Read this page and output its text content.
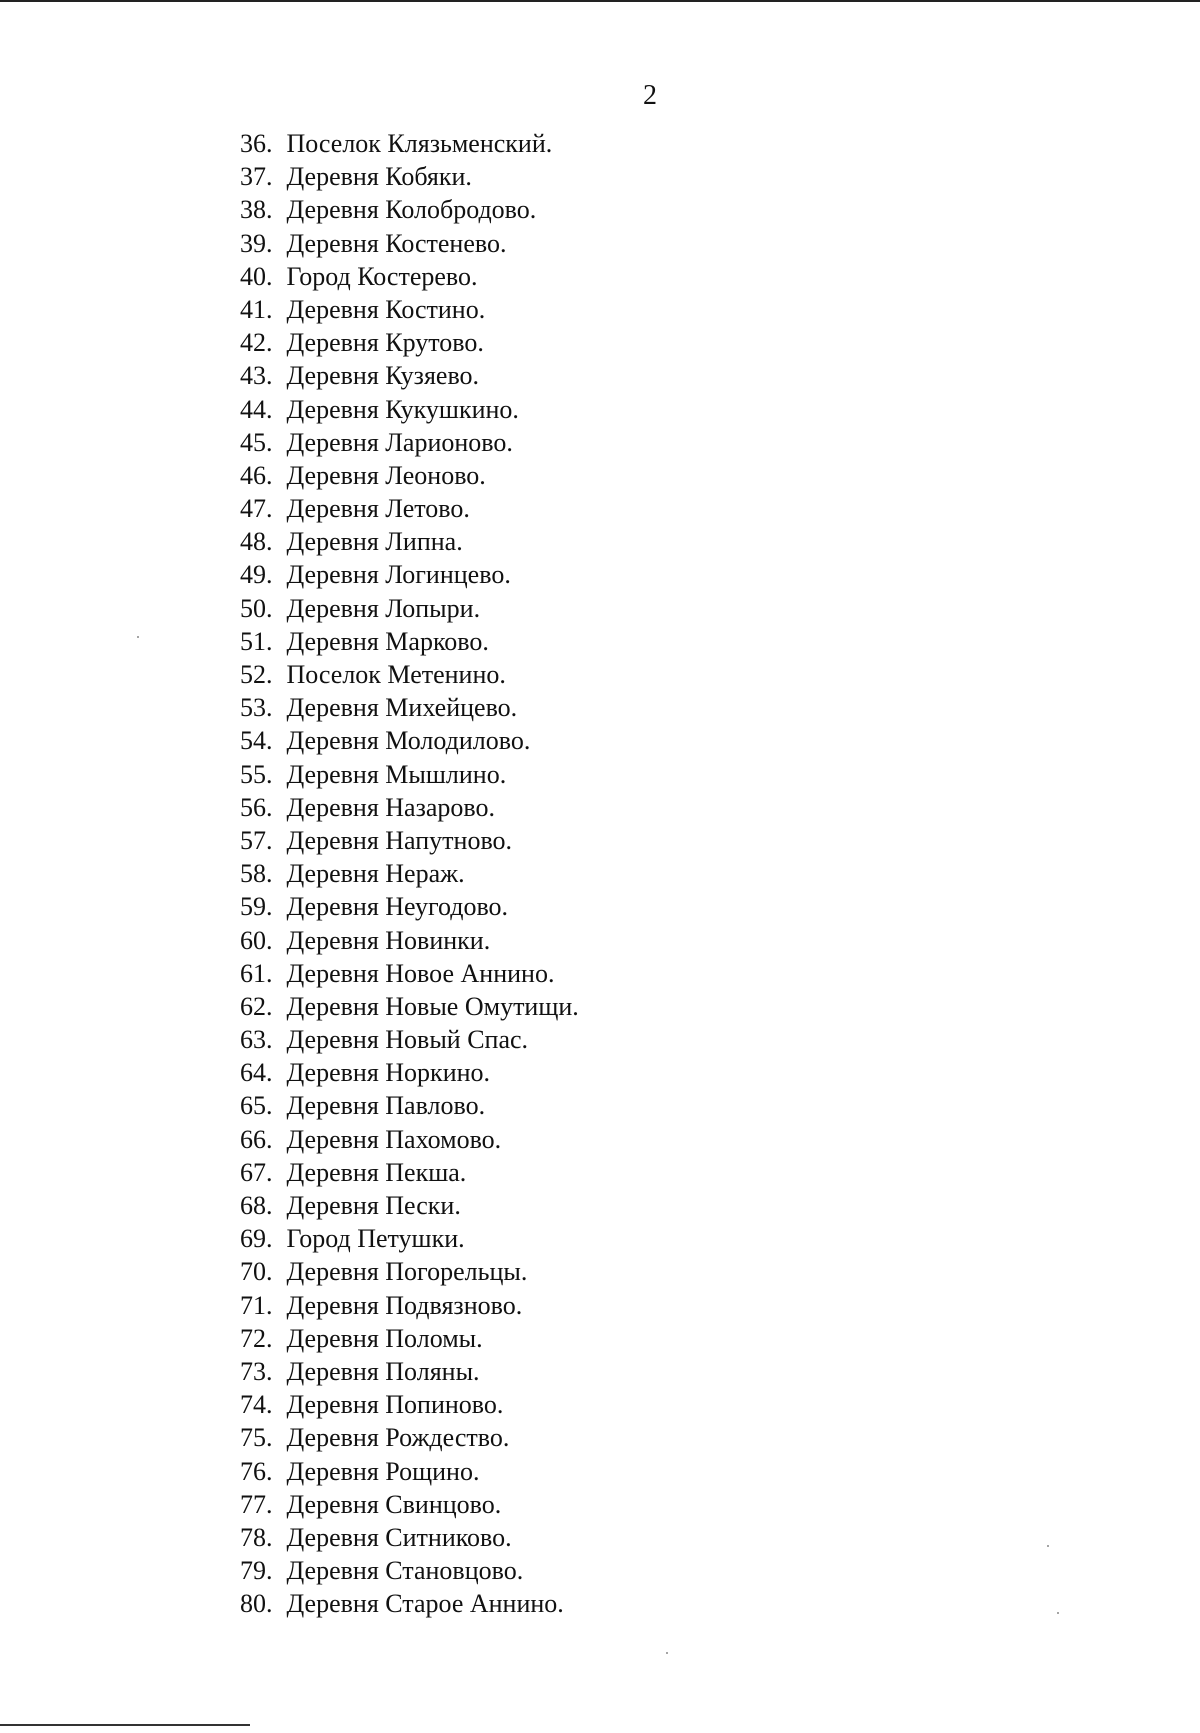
2
36. Поселок Клязьменский.
37. Деревня Кобяки.
38. Деревня Колобродово.
39. Деревня Костенево.
40. Город Костерево.
41. Деревня Костино.
42. Деревня Крутово.
43. Деревня Кузяево.
44. Деревня Кукушкино.
45. Деревня Ларионово.
46. Деревня Леоново.
47. Деревня Летово.
48. Деревня Липна.
49. Деревня Логинцево.
50. Деревня Лопыри.
51. Деревня Марково.
52. Поселок Метенино.
53. Деревня Михейцево.
54. Деревня Молодилово.
55. Деревня Мышлино.
56. Деревня Назарово.
57. Деревня Напутново.
58. Деревня Нераж.
59. Деревня Неугодово.
60. Деревня Новинки.
61. Деревня Новое Аннино.
62. Деревня Новые Омутищи.
63. Деревня Новый Спас.
64. Деревня Норкино.
65. Деревня Павлово.
66. Деревня Пахомово.
67. Деревня Пекша.
68. Деревня Пески.
69. Город Петушки.
70. Деревня Погорельцы.
71. Деревня Подвязново.
72. Деревня Поломы.
73. Деревня Поляны.
74. Деревня Попиново.
75. Деревня Рождество.
76. Деревня Рощино.
77. Деревня Свинцово.
78. Деревня Ситниково.
79. Деревня Становцово.
80. Деревня Старое Аннино.
